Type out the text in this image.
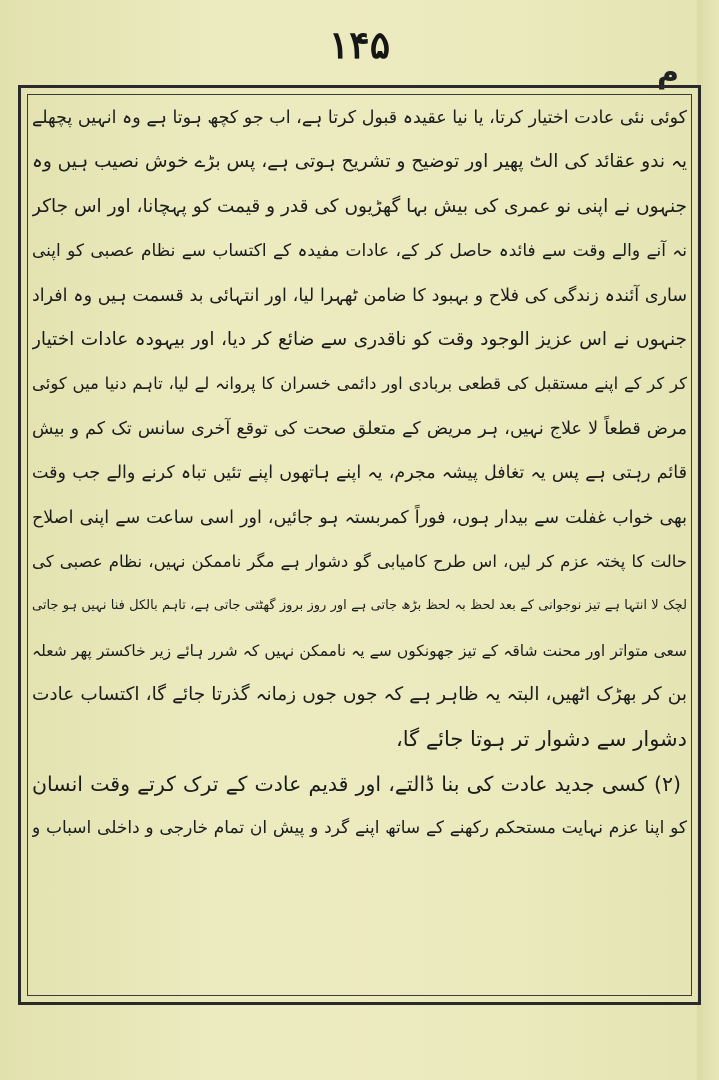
۱۴۵
م
کوئی نئی عادت اختیار کرتا، یا نیا عقیدہ قبول کرتا ہے، اب جو کچھ ہوتا ہے وہ انہیں پچھلے
یہ ندو عقائد کی الٹ پھیر اور توضیح و تشریح ہوتی ہے، پس بڑے خوش نصیب ہیں وہ
جنہوں نے اپنی نو عمری کی بیش بہا گھڑیوں کی قدر و قیمت کو پہچانا، اور اس جاکر
نہ آنے والے وقت سے فائدہ حاصل کر کے، عادات مفیدہ کے اکتساب سے نظام عصبی کو اپنی
ساری آئندہ زندگی کی فلاح و بہبود کا ضامن ٹھہرا لیا، اور انتہائی بد قسمت ہیں وہ افراد
جنہوں نے اس عزیز الوجود وقت کو ناقدری سے ضائع کر دیا، اور بیہودہ عادات اختیار
کر کر کے اپنے مستقبل کی قطعی بربادی اور دائمی خسران کا پروانہ لے لیا، تاہم دنیا میں کوئی
مرض قطعاً لا علاج نہیں، ہر مریض کے متعلق صحت کی توقع آخری سانس تک کم و بیش
قائم رہتی ہے پس یہ تغافل پیشہ مجرم، یہ اپنے ہاتھوں اپنے تئیں تباہ کرنے والے جب وقت
بھی خواب غفلت سے بیدار ہوں، فوراً کمربستہ ہو جائیں، اور اسی ساعت سے اپنی اصلاح
حالت کا پختہ عزم کر لیں، اس طرح کامیابی گو دشوار ہے مگر ناممکن نہیں، نظام عصبی کی
لچک لا انتہا ہے تیز نوجوانی کے بعد لحظ بہ لحظ بڑھ جاتی ہے اور روز بروز گھٹتی جاتی ہے، تاہم بالکل فنا نہیں ہو جاتی
سعی متواتر اور محنت شاقہ کے تیز جھونکوں سے یہ ناممکن نہیں کہ شرر ہائے زیر خاکستر پھر شعلہ
بن کر بھڑک اٹھیں، البتہ یہ ظاہر ہے کہ جوں جوں زمانہ گذرتا جائے گا، اکتساب عادت
دشوار سے دشوار تر ہوتا جائے گا،
(۲) کسی جدید عادت کی بنا ڈالتے، اور قدیم عادت کے ترک کرتے وقت انسان
کو اپنا عزم نہایت مستحکم رکھنے کے ساتھ اپنے گرد و پیش ان تمام خارجی و داخلی اسباب و
